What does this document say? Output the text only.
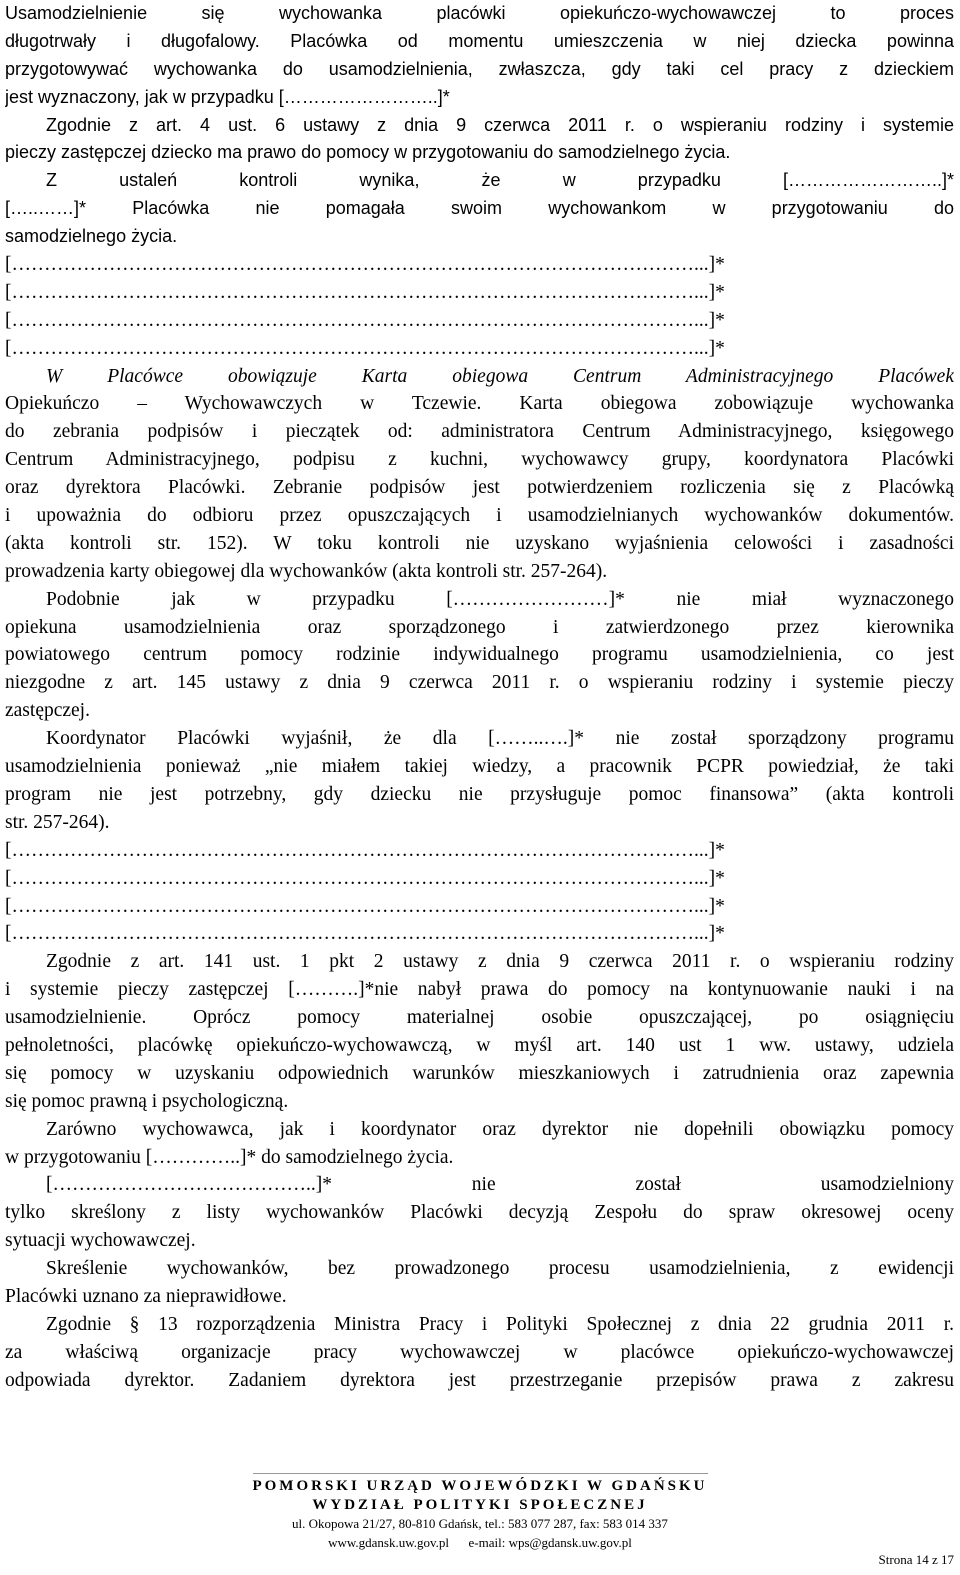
Usamodzielnienie się wychowanka placówki opiekuńczo-wychowawczej to proces
długotrwały i długofalowy. Placówka od momentu umieszczenia w niej dziecka powinna
przygotowywać wychowanka do usamodzielnienia, zwłaszcza, gdy taki cel pracy z dzieckiem
jest wyznaczony, jak w przypadku [……………………..]*
Zgodnie z art. 4 ust. 6 ustawy z dnia 9 czerwca 2011 r. o wspieraniu rodziny i systemie
pieczy zastępczej dziecko ma prawo do pomocy w przygotowaniu do samodzielnego życia.
Z ustaleń kontroli wynika, że w przypadku [……………………..]*
[…..……]* Placówka nie pomagała swoim wychowankom w przygotowaniu do
samodzielnego życia.
[……………………………………………………………………………………………...]*
[……………………………………………………………………………………………...]*
[……………………………………………………………………………………………...]*
[……………………………………………………………………………………………...]*
W Placówce obowiązuje Karta obiegowa Centrum Administracyjnego Placówek
Opiekuńczo – Wychowawczych w Tczewie. Karta obiegowa zobowiązuje wychowanka
do zebrania podpisów i pieczątek od: administratora Centrum Administracyjnego, księgowego
Centrum Administracyjnego, podpisu z kuchni, wychowawcy grupy, koordynatora Placówki
oraz dyrektora Placówki. Zebranie podpisów jest potwierdzeniem rozliczenia się z Placówką
i upoważnia do odbioru przez opuszczających i usamodzielnianych wychowanków dokumentów.
(akta kontroli str. 152). W toku kontroli nie uzyskano wyjaśnienia celowości i zasadności
prowadzenia karty obiegowej dla wychowanków (akta kontroli str. 257-264).
Podobnie jak w przypadku [……………………]* nie miał wyznaczonego
opiekuna usamodzielnienia oraz sporządzonego i zatwierdzonego przez kierownika
powiatowego centrum pomocy rodzinie indywidualnego programu usamodzielnienia, co jest
niezgodne z art. 145 ustawy z dnia 9 czerwca 2011 r. o wspieraniu rodziny i systemie pieczy
zastępczej.
Koordynator Placówki wyjaśnił, że dla [……..….]* nie został sporządzony programu
usamodzielnienia ponieważ „nie miałem takiej wiedzy, a pracownik PCPR powiedział, że taki
program nie jest potrzebny, gdy dziecku nie przysługuje pomoc finansowa” (akta kontroli
str. 257-264).
[……………………………………………………………………………………………...]*
[……………………………………………………………………………………………...]*
[……………………………………………………………………………………………...]*
[……………………………………………………………………………………………...]*
Zgodnie z art. 141 ust. 1 pkt 2 ustawy z dnia 9 czerwca 2011 r. o wspieraniu rodziny
i systemie pieczy zastępczej [……….]*nie nabył prawa do pomocy na kontynuowanie nauki i na
usamodzielnienie. Oprócz pomocy materialnej osobie opuszczającej, po osiągnięciu
pełnoletności, placówkę opiekuńczo-wychowawczą, w myśl art. 140 ust 1 ww. ustawy, udziela
się pomocy w uzyskaniu odpowiednich warunków mieszkaniowych i zatrudnienia oraz zapewnia
się pomoc prawną i psychologiczną.
Zarówno wychowawca, jak i koordynator oraz dyrektor nie dopełnili obowiązku pomocy
w przygotowaniu […………..]* do samodzielnego życia.
[…………………………………..]* nie został usamodzielniony
tylko skreślony z listy wychowanków Placówki decyzją Zespołu do spraw okresowej oceny
sytuacji wychowawczej.
Skreślenie wychowanków, bez prowadzonego procesu usamodzielnienia, z ewidencji
Placówki uznano za nieprawidłowe.
Zgodnie § 13 rozporządzenia Ministra Pracy i Polityki Społecznej z dnia 22 grudnia 2011 r.
za właściwą organizacje pracy wychowawczej w placówce opiekuńczo-wychowawczej
odpowiada dyrektor. Zadaniem dyrektora jest przestrzeganie przepisów prawa z zakresu
POMORSKI URZĄD WOJEWÓDZKI W GDAŃSKU
WYDZIAŁ POLITYKI SPOŁECZNEJ
ul. Okopowa 21/27, 80-810 Gdańsk, tel.: 583 077 287, fax: 583 014 337
www.gdansk.uw.gov.pl      e-mail: wps@gdansk.uw.gov.pl
Strona 14 z 17
